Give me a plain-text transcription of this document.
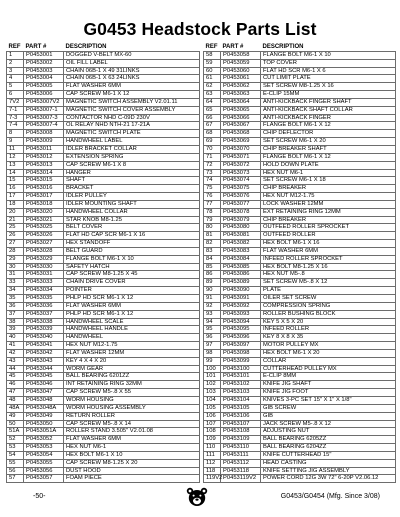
G0453 Headstock Parts List
REF	PART #	DESCRIPTION
1	P0453001	DOGGED V-BELT MX-60
2	P0453002	OIL FILL LABEL
3	P0453003	CHAIN 06B-1 X 49 31LINKS
4	P0453004	CHAIN 06B-1 X 63 24LINKS
5	P0453005	FLAT WASHER 6MM
6	P0453006	CAP SCREW M6-1 X 12
7V2	P0453007V2	MAGNETIC SWITCH ASSEMBLY V2.01.11
7-1	P0453007-1	MAGNETIC SWITCH COVER ASSEMBLY
7-3	P0453007-3	CONTACTOR NHD C-09D 230V
7-4	P0453007-4	OL RELAY NHD NTH-21 17-21A
8	P0453008	MAGNETIC SWITCH PLATE
9	P0453009	HANDWHEEL LABEL
11	P0453011	IDLER BRACKET COLLAR
12	P0453012	EXTENSION SPRING
13	P0453013	CAP SCREW M6-1 X 8
14	P0453014	HANGER
15	P0453015	SHAFT
16	P0453016	BRACKET
17	P0453017	IDLER PULLEY
18	P0453018	IDLER MOUNTING SHAFT
20	P0453020	HANDWHEEL COLLAR
21	P0453021	STAR KNOB M8-1.25
25	P0453025	BELT COVER
26	P0453026	FLAT HD CAP SCR M6-1 X 16
27	P0453027	HEX STANDOFF
28	P0453028	BELT GUARD
29	P0453029	FLANGE BOLT M6-1 X 10
30	P0453030	SAFETY HATCH
31	P0453031	CAP SCREW M8-1.25 X 45
33	P0453033	CHAIN DRIVE COVER
34	P0453034	POINTER
35	P0453035	PHLP HD SCR M6-1 X 12
36	P0453036	FLAT WASHER 6MM
37	P0453037	PHLP HD SCR M6-1 X 12
38	P0453038	HANDWHEEL SCALE
39	P0453039	HANDWHEEL HANDLE
40	P0453040	HANDWHEEL
41	P0453041	HEX NUT M12-1.75
42	P0453042	FLAT WASHER 12MM
43	P0453043	KEY 4 X 4 X 20
44	P0453044	WORM GEAR
45	P0453045	BALL BEARING 6201ZZ
46	P0453046	INT RETAINING RING 32MM
47	P0453047	CAP SCREW M5-.8 X 55
48	P0453048	WORM HOUSING
48A	P0453048A	WORM HOUSING ASSEMBLY
49	P0453049	RETURN ROLLER
50	P0453050	CAP SCREW M5-.8 X 14
51A	P0453051A	ROLLER STAND 3.505" V2.01.08
52	P0453052	FLAT WASHER 6MM
53	P0453053	HEX NUT M6-1
54	P0453054	HEX BOLT M6-1 X 10
55	P0453055	CAP SCREW M8-1.25 X 20
56	P0453056	DUST HOOD
57	P0453057	FOAM PIECE
REF	PART #	DESCRIPTION
58	P0453058	FLANGE BOLT M6-1 X 10
59	P0453059	TOP COVER
60	P0453060	FLAT HD SCR M6-1 X 6
61	P0453061	CUT LIMIT PLATE
62	P0453062	SET SCREW M8-1.25 X 16
63	P0453063	E-CLIP 15MM
64	P0453064	ANTI-KICKBACK FINGER SHAFT
65	P0453065	ANTI-KICKBACK SHAFT COLLAR
66	P0453066	ANTI-KICKBACK FINGER
67	P0453067	FLANGE BOLT M6-1 X 12
68	P0453068	CHIP DEFLECTOR
69	P0453069	SET SCREW M6-1 X 20
70	P0453070	CHIP BREAKER SHAFT
71	P0453071	FLANGE BOLT M6-1 X 12
72	P0453072	HOLD DOWN PLATE
73	P0453073	HEX NUT M6-1
74	P0453074	SET SCREW M6-1 X 18
75	P0453075	CHIP BREAKER
76	P0453076	HEX NUT M12-1.75
77	P0453077	LOCK WASHER 12MM
78	P0453078	EXT RETAINING RING 12MM
79	P0453079	CHIP BREAKER
80	P0453080	OUTFEED ROLLER SPROCKET
81	P0453081	OUTFEED ROLLER
82	P0453082	HEX BOLT M6-1 X 16
83	P0453083	FLAT WASHER 6MM
84	P0453084	INFEED ROLLER SPROCKET
85	P0453085	HEX BOLT M8-1.25 X 16
86	P0453086	HEX NUT M5-.8
89	P0453089	SET SCREW M5-.8 X 12
90	P0453090	PLATE
91	P0453091	OILER SET SCREW
92	P0453092	COMPRESSION SPRING
93	P0453093	ROLLER BUSHING BLOCK
94	P0453094	KEY 5 X 5 X 20
95	P0453095	INFEED ROLLER
96	P0453096	KEY 8 X 8 X 35
97	P0453097	MOTOR PULLEY MX
98	P0453098	HEX BOLT M6-1 X 20
99	P0453099	COLLAR
100	P0453100	CUTTERHEAD PULLEY MX
101	P0453101	E-CLIP 8MM
102	P0453102	KNIFE JIG SHAFT
103	P0453103	KNIFE JIG FOOT
104	P0453104	KNIVES 3-PC SET 15" X 1" X 1/8"
105	P0453105	GIB SCREW
106	P0453106	GIB
107	P0453107	JACK SCREW M5-.8 X 12
108	P0453108	ADJUSTING NUT
109	P0453109	BALL BEARING 6205ZZ
110	P0453110	BALL BEARING 6204ZZ
111	P0453111	KNIFE CUTTERHEAD 15"
112	P0453112	HEAD CASTING
118	P0453118	KNIFE SETTING JIG ASSEMBLY
119V2	P0453119V2	POWER CORD 12G 3W 72" 6-20P V2.06.12
-50-	G0453/G0454 (Mfg. Since 3/08)
